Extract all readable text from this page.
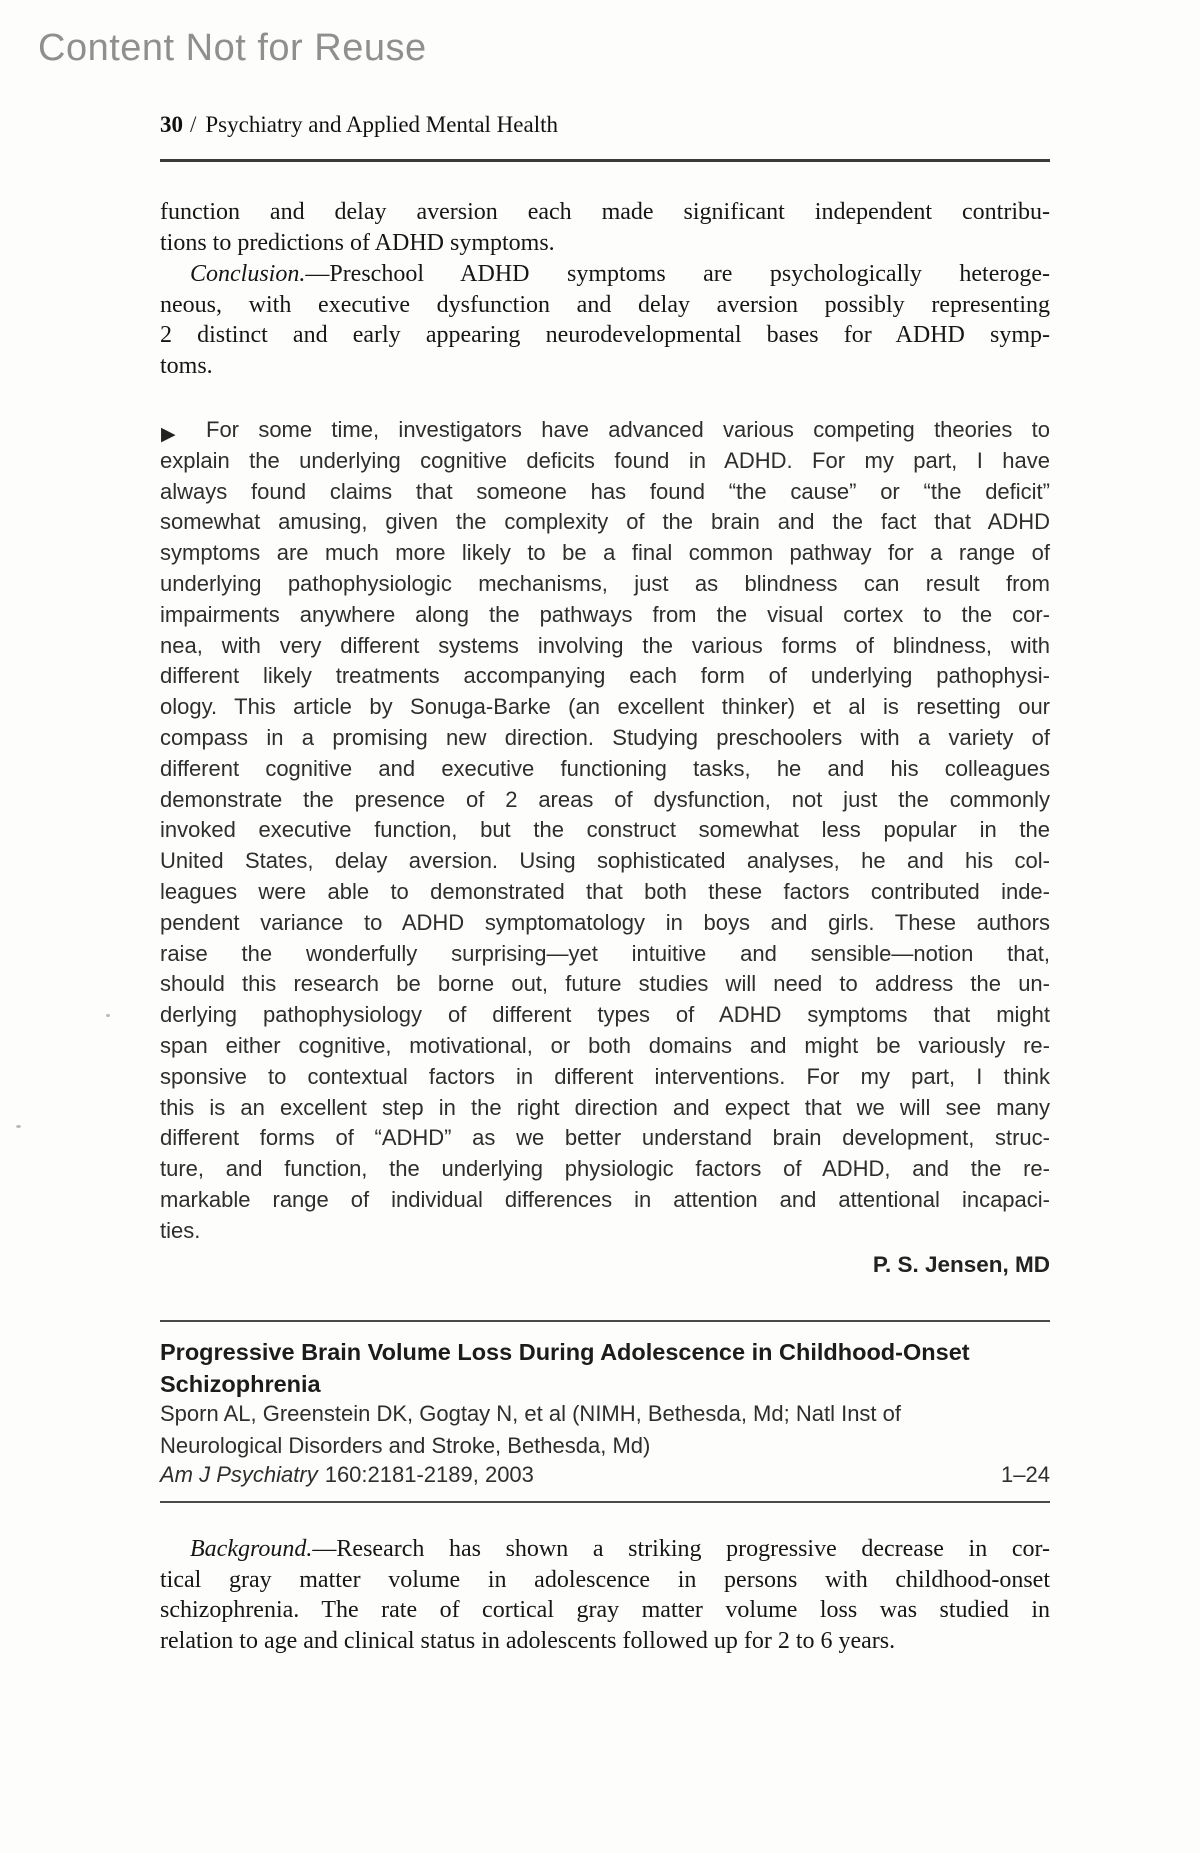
Content Not for Reuse
30 / Psychiatry and Applied Mental Health
function and delay aversion each made significant independent contribu-
tions to predictions of ADHD symptoms.
Conclusion.—Preschool ADHD symptoms are psychologically heteroge-
neous, with executive dysfunction and delay aversion possibly representing
2 distinct and early appearing neurodevelopmental bases for ADHD symp-
toms.
▶	For some time, investigators have advanced various competing theories to
explain the underlying cognitive deficits found in ADHD. For my part, I have
always found claims that someone has found “the cause” or “the deficit”
somewhat amusing, given the complexity of the brain and the fact that ADHD
symptoms are much more likely to be a final common pathway for a range of
underlying pathophysiologic mechanisms, just as blindness can result from
impairments anywhere along the pathways from the visual cortex to the cor-
nea, with very different systems involving the various forms of blindness, with
different likely treatments accompanying each form of underlying pathophysi-
ology. This article by Sonuga-Barke (an excellent thinker) et al is resetting our
compass in a promising new direction. Studying preschoolers with a variety of
different cognitive and executive functioning tasks, he and his colleagues
demonstrate the presence of 2 areas of dysfunction, not just the commonly
invoked executive function, but the construct somewhat less popular in the
United States, delay aversion. Using sophisticated analyses, he and his col-
leagues were able to demonstrated that both these factors contributed inde-
pendent variance to ADHD symptomatology in boys and girls. These authors
raise the wonderfully surprising—yet intuitive and sensible—notion that,
should this research be borne out, future studies will need to address the un-
derlying pathophysiology of different types of ADHD symptoms that might
span either cognitive, motivational, or both domains and might be variously re-
sponsive to contextual factors in different interventions. For my part, I think
this is an excellent step in the right direction and expect that we will see many
different forms of “ADHD” as we better understand brain development, struc-
ture, and function, the underlying physiologic factors of ADHD, and the re-
markable range of individual differences in attention and attentional incapaci-
ties.
P. S. Jensen, MD
Progressive Brain Volume Loss During Adolescence in Childhood-Onset
Schizophrenia
Sporn AL, Greenstein DK, Gogtay N, et al (NIMH, Bethesda, Md; Natl Inst of
Neurological Disorders and Stroke, Bethesda, Md)
Am J Psychiatry 160:2181-2189, 2003	1–24
Background.—Research has shown a striking progressive decrease in cor-
tical gray matter volume in adolescence in persons with childhood-onset
schizophrenia. The rate of cortical gray matter volume loss was studied in
relation to age and clinical status in adolescents followed up for 2 to 6 years.
